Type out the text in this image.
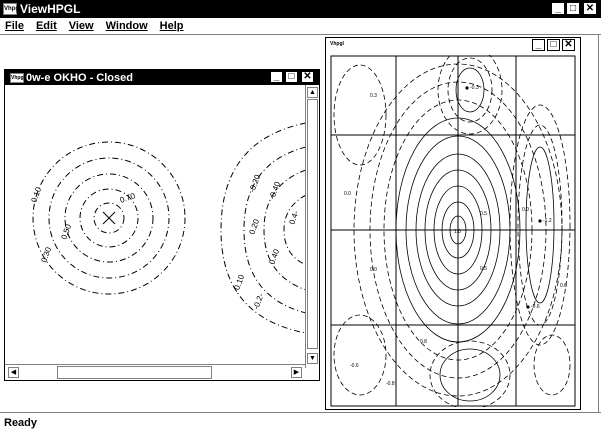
Vhpgl ViewHPGL	_ □ ✕
File Edit View Window Help
Vhpgl 0w-e OKHO - Closed	_ □ ✕
0.10
0.30
0.50
0.70
-0.10
0.20
0.40
-0.20 -0.40
0.4-
-0.2-
▲
▼
◀	▶
Vhpgl	_ □ ✕
-0.3
0.3
0.0
0.5
1.0
0.0
-1.2
-0.6
0.0	0.5
0.8
-0.6
0.0
-0.8
Ready
